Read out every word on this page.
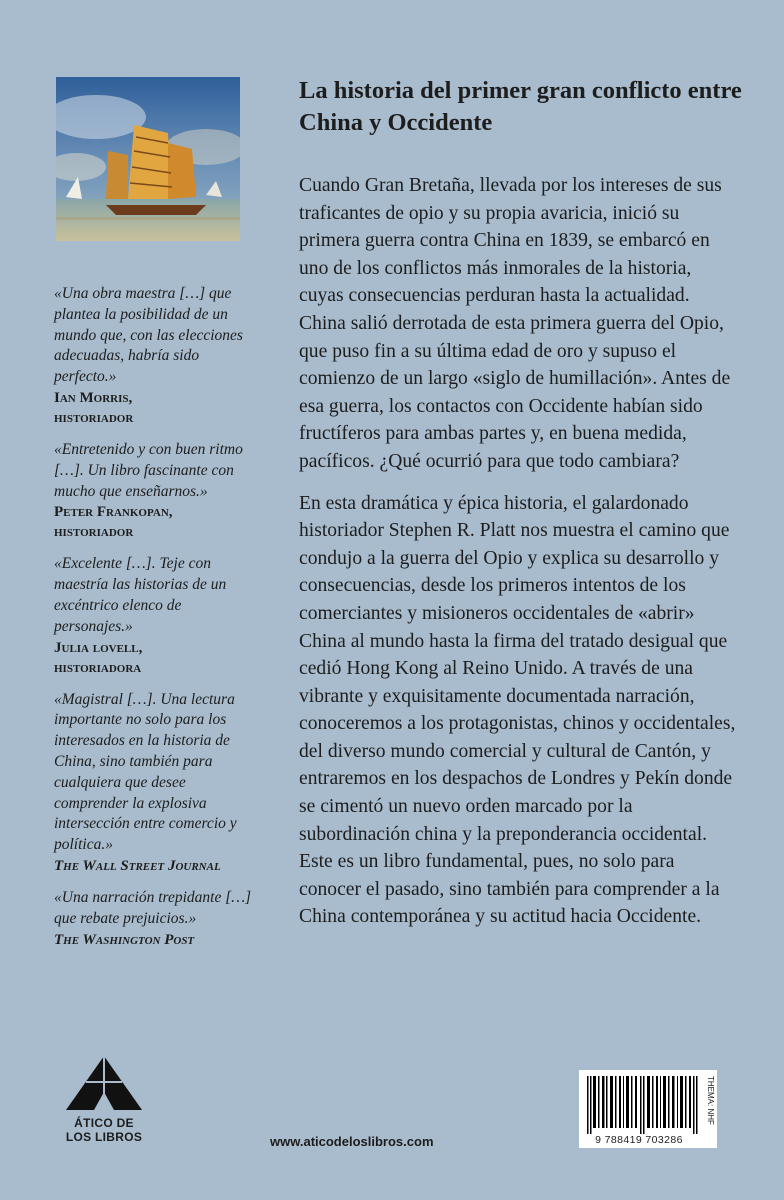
«Una obra maestra […] que plantea la posibilidad de un mundo que, con las elecciones adecuadas, habría sido perfecto.»
Ian Morris,
historiador
«Entretenido y con buen ritmo […]. Un libro fascinante con mucho que enseñarnos.»
Peter Frankopan,
historiador
«Excelente […]. Teje con maestría las historias de un excéntrico elenco de personajes.»
Julia lovell,
historiadora
«Magistral […]. Una lectura importante no solo para los interesados en la historia de China, sino también para cualquiera que desee comprender la explosiva intersección entre comercio y política.»
The Wall Street Journal
«Una narración trepidante […] que rebate prejuicios.»
The Washington Post
La historia del primer gran conflicto entre China y Occidente

Cuando Gran Bretaña, llevada por los intereses de sus traficantes de opio y su propia avaricia, inició su primera guerra contra China en 1839, se embarcó en uno de los conflictos más inmorales de la historia, cuyas consecuencias perduran hasta la actualidad. China salió derrotada de esta primera guerra del Opio, que puso fin a su última edad de oro y supuso el comienzo de un largo «siglo de humillación». Antes de esa guerra, los contactos con Occidente habían sido fructíferos para ambas partes y, en buena medida, pacíficos. ¿Qué ocurrió para que todo cambiara?

En esta dramática y épica historia, el galardonado historiador Stephen R. Platt nos muestra el camino que condujo a la guerra del Opio y explica su desarrollo y consecuencias, desde los primeros intentos de los comerciantes y misioneros occidentales de «abrir» China al mundo hasta la firma del tratado desigual que cedió Hong Kong al Reino Unido. A través de una vibrante y exquisitamente documentada narración, conoceremos a los protagonistas, chinos y occidentales, del diverso mundo comercial y cultural de Cantón, y entraremos en los despachos de Londres y Pekín donde se cimentó un nuevo orden marcado por la subordinación china y la preponderancia occidental. Este es un libro fundamental, pues, no solo para conocer el pasado, sino también para comprender a la China contemporánea y su actitud hacia Occidente.

ÁTICO DE
LOS LIBROS	www.aticodeloslibros.com	9 788419 703286
THEMA: NHF
